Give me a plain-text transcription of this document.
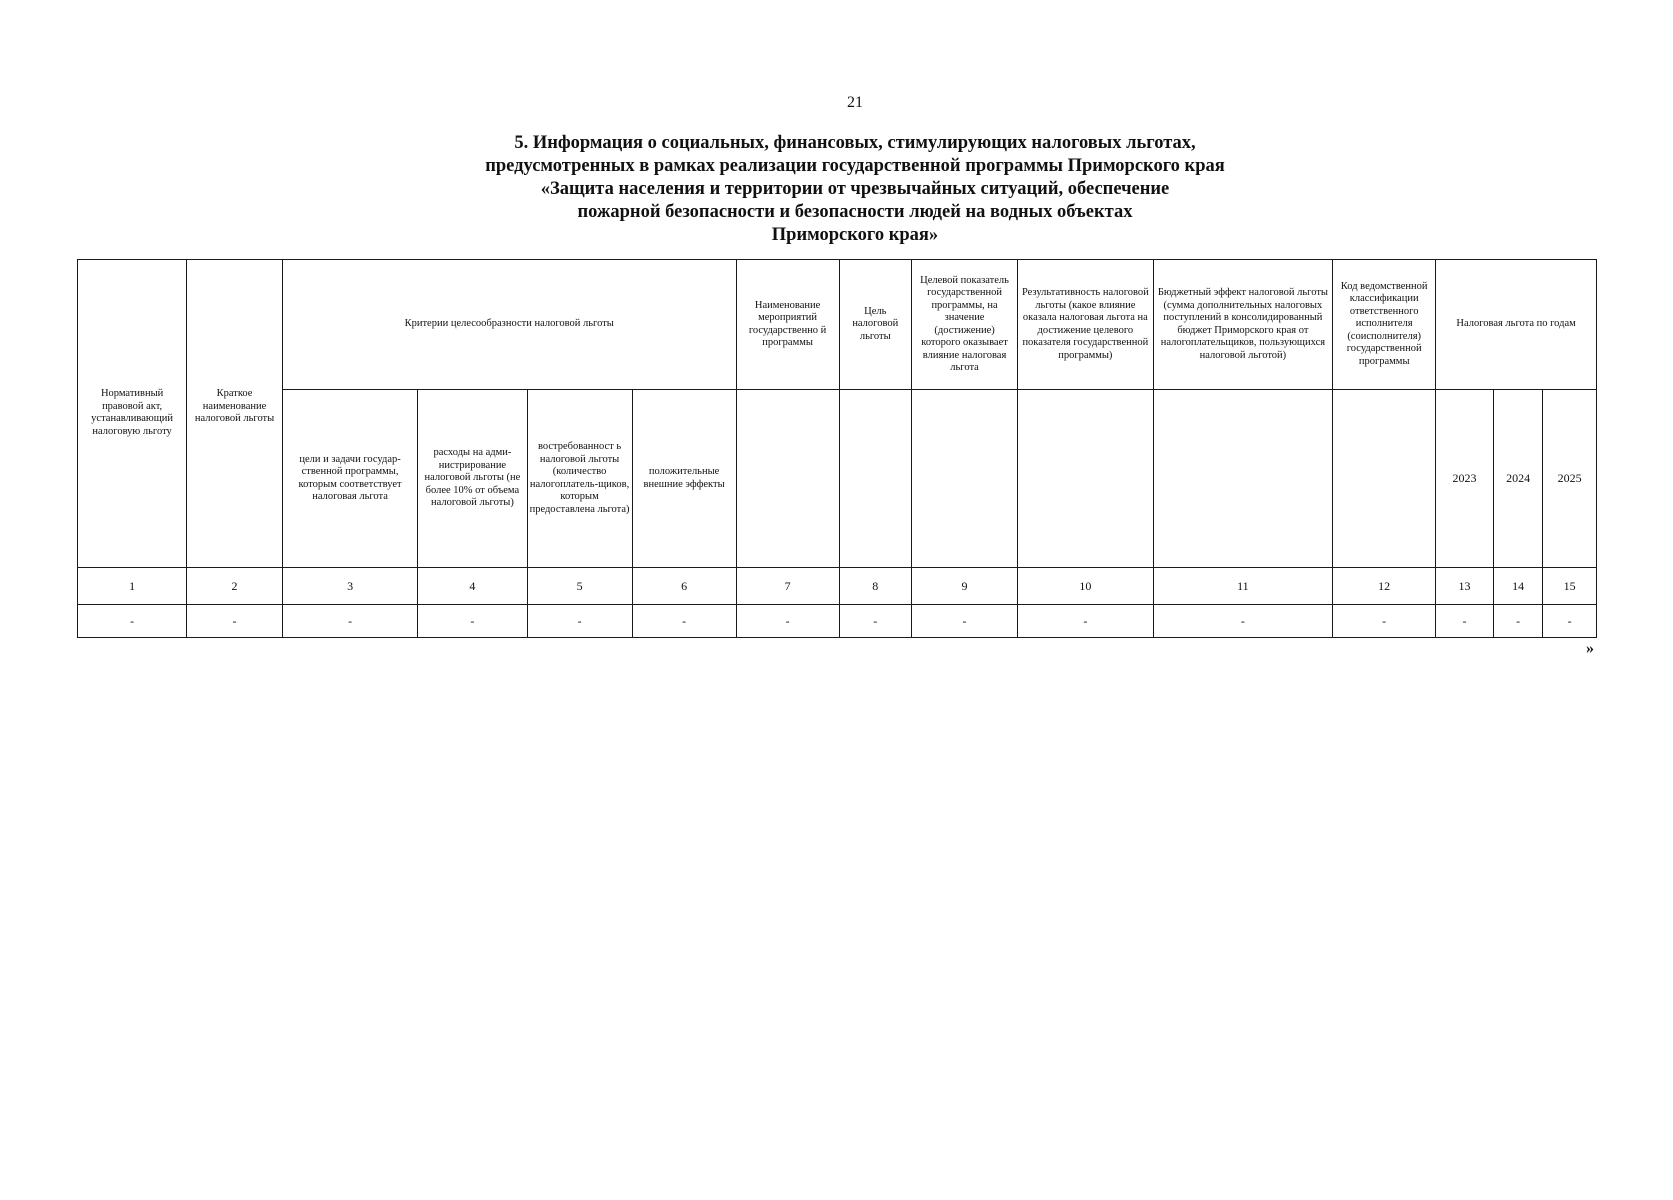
21
5. Информация о социальных, финансовых, стимулирующих налоговых льготах,
предусмотренных в рамках реализации государственной программы Приморского края
«Защита населения и территории от чрезвычайных ситуаций, обеспечение
пожарной безопасности и безопасности людей на водных объектах
Приморского края»
Нормативный правовой акт, устанавливающий налоговую льготу	Краткое наименование налоговой льготы	Критерии целесообразности налоговой льготы				Наименование мероприятий государственно й программы	Цель налоговой льготы	Целевой показатель государственной программы, на значение (достижение) которого оказывает влияние налоговая льгота	Результативность налоговой льготы (какое влияние оказала налоговая льгота на достижение целевого показателя государственной программы)	Бюджетный эффект налоговой льготы (сумма дополнительных налоговых поступлений в консолидированный бюджет Приморского края от налогоплательщиков, пользующихся налоговой льготой)	Код ведомственной классификации ответственного исполнителя (соисполнителя) государственной программы	Налоговая льгота по годам		
		цели и задачи государ-ственной программы, которым соответствует налоговая льгота	расходы на адми-нистрирование налоговой льготы (не более 10% от объема налоговой льготы)	востребованност ь налоговой льготы (количество налогоплатель-щиков, которым предоставлена льгота)	положительные внешние эффекты							2023	2024	2025
1	2	3	4	5	6	7	8	9	10	11	12	13	14	15
-	-	-	-	-	-	-	-	-	-	-	-	-	-	-
»
